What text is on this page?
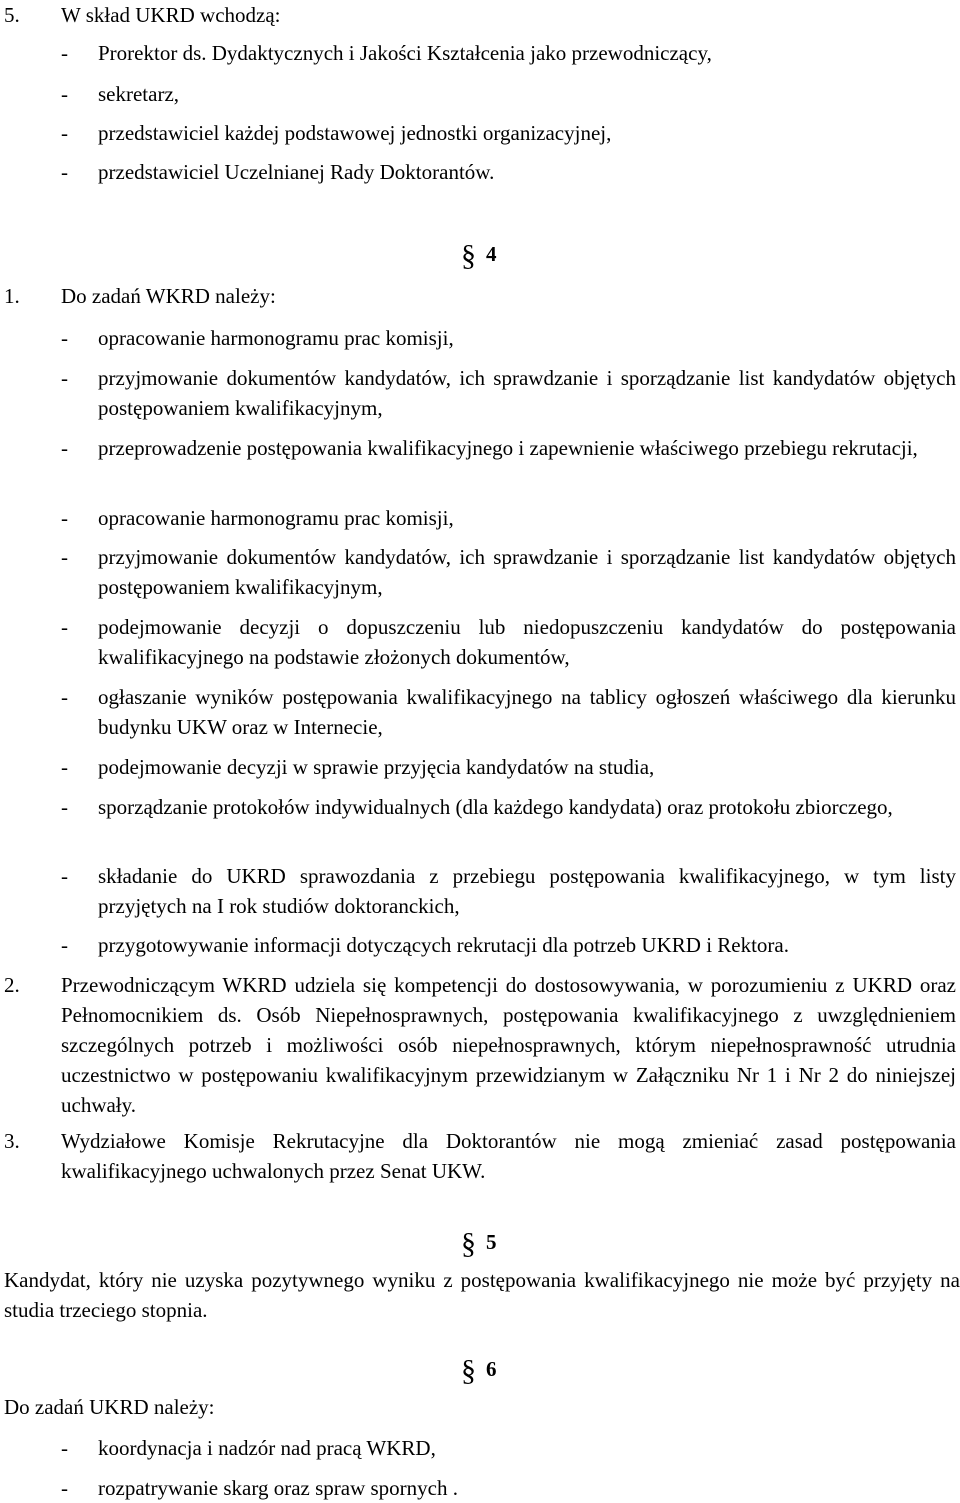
5. W skład UKRD wchodzą:
- Prorektor ds. Dydaktycznych i Jakości Kształcenia jako przewodniczący,
- sekretarz,
- przedstawiciel każdej podstawowej jednostki organizacyjnej,
- przedstawiciel Uczelnianej Rady Doktorantów.
§ 4
1. Do zadań WKRD należy:
- opracowanie harmonogramu prac komisji,
- przyjmowanie dokumentów kandydatów, ich sprawdzanie i sporządzanie list kandydatów objętych postępowaniem kwalifikacyjnym,
- przeprowadzenie postępowania kwalifikacyjnego i zapewnienie właściwego przebiegu rekrutacji,
- opracowanie harmonogramu prac komisji,
- przyjmowanie dokumentów kandydatów, ich sprawdzanie i sporządzanie list kandydatów objętych postępowaniem kwalifikacyjnym,
- podejmowanie decyzji o dopuszczeniu lub niedopuszczeniu kandydatów do postępowania kwalifikacyjnego na podstawie złożonych dokumentów,
- ogłaszanie wyników postępowania kwalifikacyjnego na tablicy ogłoszeń właściwego dla kierunku budynku UKW oraz w Internecie,
- podejmowanie decyzji w sprawie przyjęcia kandydatów na studia,
- sporządzanie protokołów indywidualnych (dla każdego kandydata) oraz protokołu zbiorczego,
- składanie do UKRD sprawozdania z przebiegu postępowania kwalifikacyjnego, w tym listy przyjętych na I rok studiów doktoranckich,
- przygotowywanie informacji dotyczących rekrutacji dla potrzeb UKRD i Rektora.
2. Przewodniczącym WKRD udziela się kompetencji do dostosowywania, w porozumieniu z UKRD oraz Pełnomocnikiem ds. Osób Niepełnosprawnych, postępowania kwalifikacyjnego z uwzględnieniem szczególnych potrzeb i możliwości osób niepełnosprawnych, którym niepełnosprawność utrudnia uczestnictwo w postępowaniu kwalifikacyjnym przewidzianym w Załączniku Nr 1 i Nr 2 do niniejszej uchwały.
3. Wydziałowe Komisje Rekrutacyjne dla Doktorantów nie mogą zmieniać zasad postępowania kwalifikacyjnego uchwalonych przez Senat UKW.
§ 5
Kandydat, który nie uzyska pozytywnego wyniku z postępowania kwalifikacyjnego nie może być przyjęty na studia trzeciego stopnia.
§ 6
Do zadań UKRD należy:
- koordynacja i nadzór nad pracą WKRD,
- rozpatrywanie skarg oraz spraw spornych .
